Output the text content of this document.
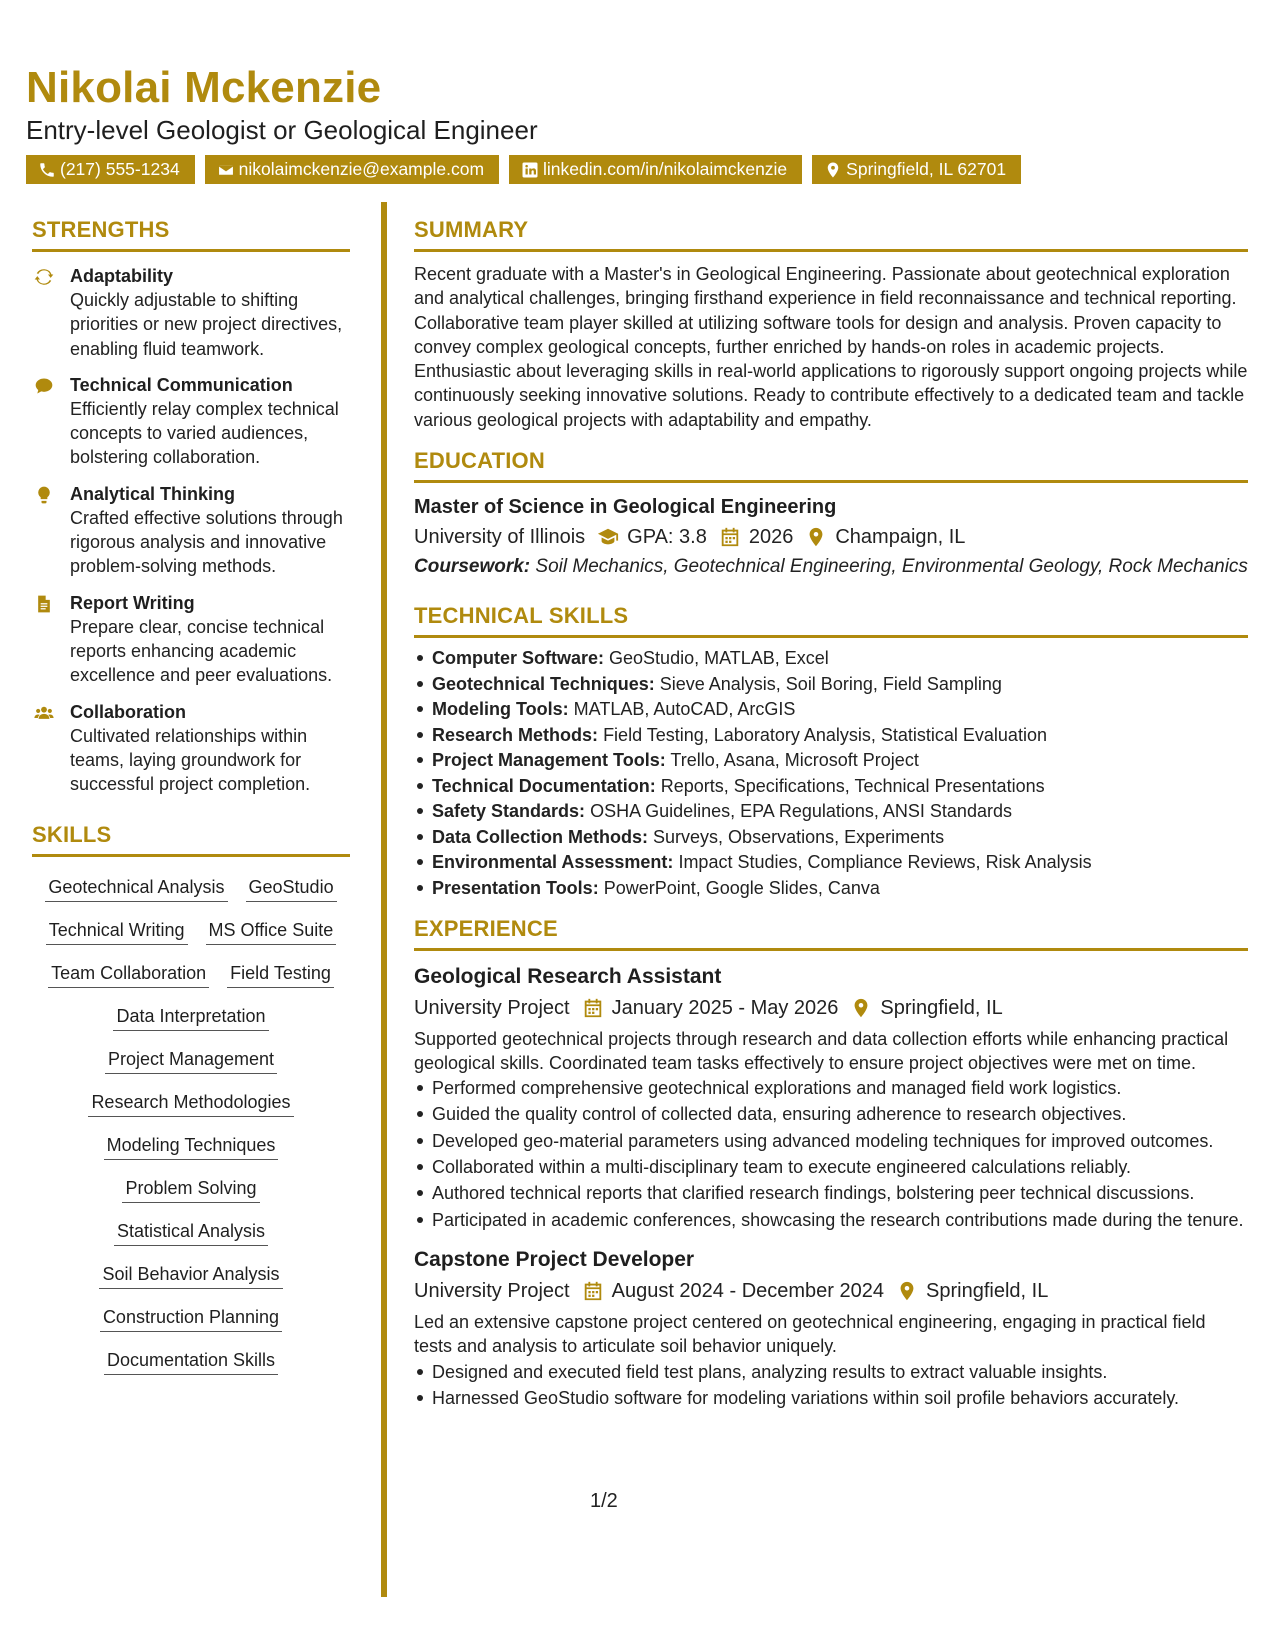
Nikolai Mckenzie
Entry-level Geologist or Geological Engineer
(217) 555-1234	nikolaimckenzie@example.com	linkedin.com/in/nikolaimckenzie	Springfield, IL 62701
STRENGTHS
Adaptability
Quickly adjustable to shifting priorities or new project directives, enabling fluid teamwork.
Technical Communication
Efficiently relay complex technical concepts to varied audiences, bolstering collaboration.
Analytical Thinking
Crafted effective solutions through rigorous analysis and innovative problem-solving methods.
Report Writing
Prepare clear, concise technical reports enhancing academic excellence and peer evaluations.
Collaboration
Cultivated relationships within teams, laying groundwork for successful project completion.
SKILLS
Geotechnical Analysis GeoStudio
Technical Writing MS Office Suite
Team Collaboration Field Testing
Data Interpretation
Project Management
Research Methodologies
Modeling Techniques
Problem Solving
Statistical Analysis
Soil Behavior Analysis
Construction Planning
Documentation Skills
SUMMARY
Recent graduate with a Master's in Geological Engineering. Passionate about geotechnical exploration and analytical challenges, bringing firsthand experience in field reconnaissance and technical reporting. Collaborative team player skilled at utilizing software tools for design and analysis. Proven capacity to convey complex geological concepts, further enriched by hands-on roles in academic projects. Enthusiastic about leveraging skills in real-world applications to rigorously support ongoing projects while continuously seeking innovative solutions. Ready to contribute effectively to a dedicated team and tackle various geological projects with adaptability and empathy.
EDUCATION
Master of Science in Geological Engineering
University of Illinois GPA: 3.8 2026 Champaign, IL
Coursework: Soil Mechanics, Geotechnical Engineering, Environmental Geology, Rock Mechanics
TECHNICAL SKILLS
Computer Software: GeoStudio, MATLAB, Excel
Geotechnical Techniques: Sieve Analysis, Soil Boring, Field Sampling
Modeling Tools: MATLAB, AutoCAD, ArcGIS
Research Methods: Field Testing, Laboratory Analysis, Statistical Evaluation
Project Management Tools: Trello, Asana, Microsoft Project
Technical Documentation: Reports, Specifications, Technical Presentations
Safety Standards: OSHA Guidelines, EPA Regulations, ANSI Standards
Data Collection Methods: Surveys, Observations, Experiments
Environmental Assessment: Impact Studies, Compliance Reviews, Risk Analysis
Presentation Tools: PowerPoint, Google Slides, Canva
EXPERIENCE
Geological Research Assistant
University Project January 2025 - May 2026 Springfield, IL
Supported geotechnical projects through research and data collection efforts while enhancing practical geological skills. Coordinated team tasks effectively to ensure project objectives were met on time.
Performed comprehensive geotechnical explorations and managed field work logistics.
Guided the quality control of collected data, ensuring adherence to research objectives.
Developed geo-material parameters using advanced modeling techniques for improved outcomes.
Collaborated within a multi-disciplinary team to execute engineered calculations reliably.
Authored technical reports that clarified research findings, bolstering peer technical discussions.
Participated in academic conferences, showcasing the research contributions made during the tenure.
Capstone Project Developer
University Project August 2024 - December 2024 Springfield, IL
Led an extensive capstone project centered on geotechnical engineering, engaging in practical field tests and analysis to articulate soil behavior uniquely.
Designed and executed field test plans, analyzing results to extract valuable insights.
Harnessed GeoStudio software for modeling variations within soil profile behaviors accurately.
1/2
